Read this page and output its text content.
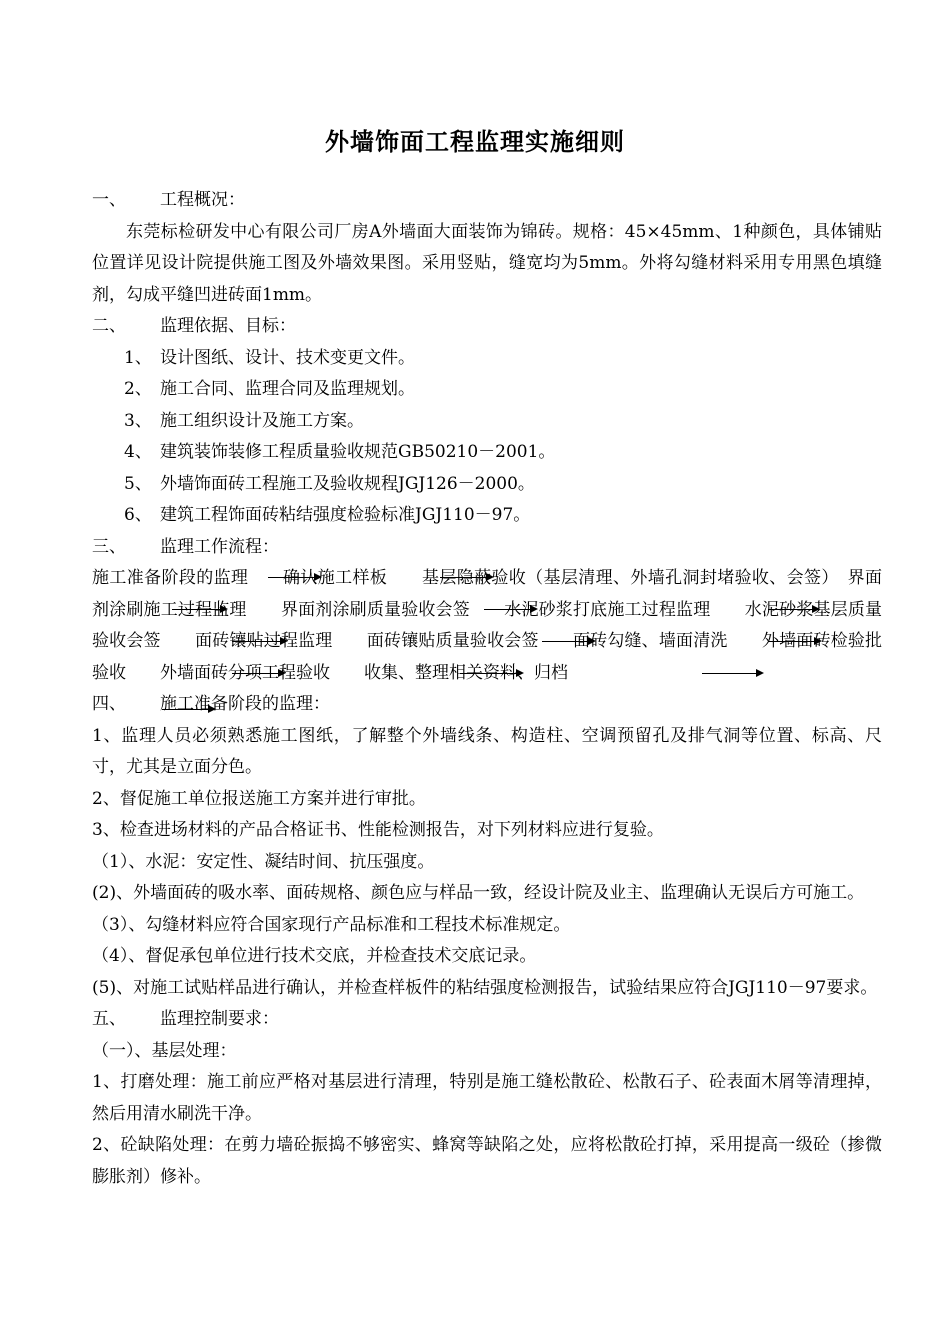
外墙饰面工程监理实施细则

一、 工程概况：

东莞标检研发中心有限公司厂房A外墙面大面装饰为锦砖。规格：45×45mm、1种颜色，具体铺贴位置详见设计院提供施工图及外墙效果图。采用竖贴，缝宽均为5mm。外将勾缝材料采用专用黑色填缝剂，勾成平缝凹进砖面1mm。

二、 监理依据、目标：

1、 设计图纸、设计、技术变更文件。

2、 施工合同、监理合同及监理规划。

3、 施工组织设计及施工方案。

4、 建筑装饰装修工程质量验收规范GB50210－2001。

5、 外墙饰面砖工程施工及验收规程JGJ126－2000。

6、 建筑工程饰面砖粘结强度检验标准JGJ110－97。

三、 监理工作流程：

施工准备阶段的监理　　确认施工样板　　基层隐蔽验收（基层清理、外墙孔洞封堵验收、会签）　界面剂涂刷施工过程监理　　界面剂涂刷质量验收会签　　水泥砂浆打底施工过程监理　　水泥砂浆基层质量验收会签　　面砖镶贴过程监理　　面砖镶贴质量验收会签　　面砖勾缝、墙面清洗　　外墙面砖检验批验收　　外墙面砖分项工程验收　　收集、整理相关资料、归档

四、 施工准备阶段的监理：

1、监理人员必须熟悉施工图纸，了解整个外墙线条、构造柱、空调预留孔及排气洞等位置、标高、尺寸，尤其是立面分色。

2、督促施工单位报送施工方案并进行审批。

3、检查进场材料的产品合格证书、性能检测报告，对下列材料应进行复验。

（1）、水泥：安定性、凝结时间、抗压强度。

(2)、外墙面砖的吸水率、面砖规格、颜色应与样品一致，经设计院及业主、监理确认无误后方可施工。

（3）、勾缝材料应符合国家现行产品标准和工程技术标准规定。

（4）、督促承包单位进行技术交底，并检查技术交底记录。

(5)、对施工试贴样品进行确认，并检查样板件的粘结强度检测报告，试验结果应符合JGJ110－97要求。

五、 监理控制要求：

（一）、基层处理：

1、打磨处理：施工前应严格对基层进行清理，特别是施工缝松散砼、松散石子、砼表面木屑等清理掉，然后用清水刷洗干净。

2、砼缺陷处理：在剪力墙砼振捣不够密实、蜂窝等缺陷之处，应将松散砼打掉，采用提高一级砼（掺微膨胀剂）修补。
